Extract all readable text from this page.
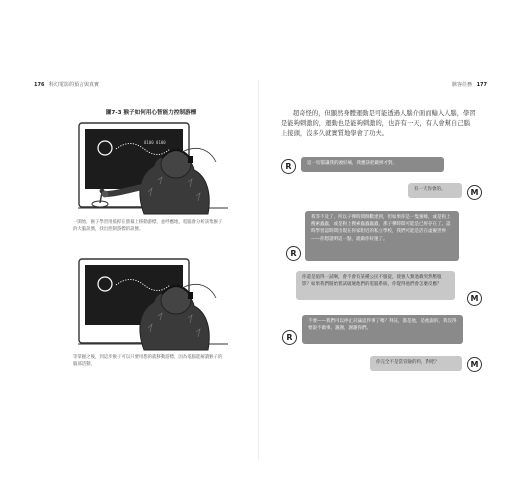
176 科幻電影的預言與真實
圖7-3 猴子如何用心智能力控制游標
0100 0100
一開始，猴子學習用搖桿在螢幕上移動游標，並呼應地，電腦會分析該集猴子的大腦訊號，找出控制游標的訊號。
等掌握之後，到這步猴子可以只要用想的就移動游標，因為電腦能解讀猴子的腦部活動。
駭客任務 177
超奇怪的，但顯然身體運動是可能透過人腦介面而輸入人腦，學習是能夠刺激的，運動也是能夠刺激的，也許有一天，有人會幫自己腦上接頭，沒多久就實質地學會了功夫。
R	這一切都讓我的頭好痛，我應該把載掉才對。
有一天你會的。	M
我等不及了，所以子彈時間倒數達到，但如果你是一隻蜜蜂，或是狗上搜索蟲蟲，或是狗上搜索蟲蟲蟲蟲，那子彈時間可能是已經存在了。認時學習認時間出現在你家附近的私立學校，我們可能是活在虛擬世界——你想證明這一點，就做你好運了。
R
你還是值得一試啊，會不會有某種公民不服從，使強人類過載突然壓服影？如果我們開始嘗試破壞他們的電腦系統，你覺得他們會怎麼反應？
M
不要——我們可以停止討論這件事了嗎？拜託，都是他，是他說的，我沒得要說不做事。謝謝，謝謝你們。
R
你完全不是當冒險的料，對吧？	M
